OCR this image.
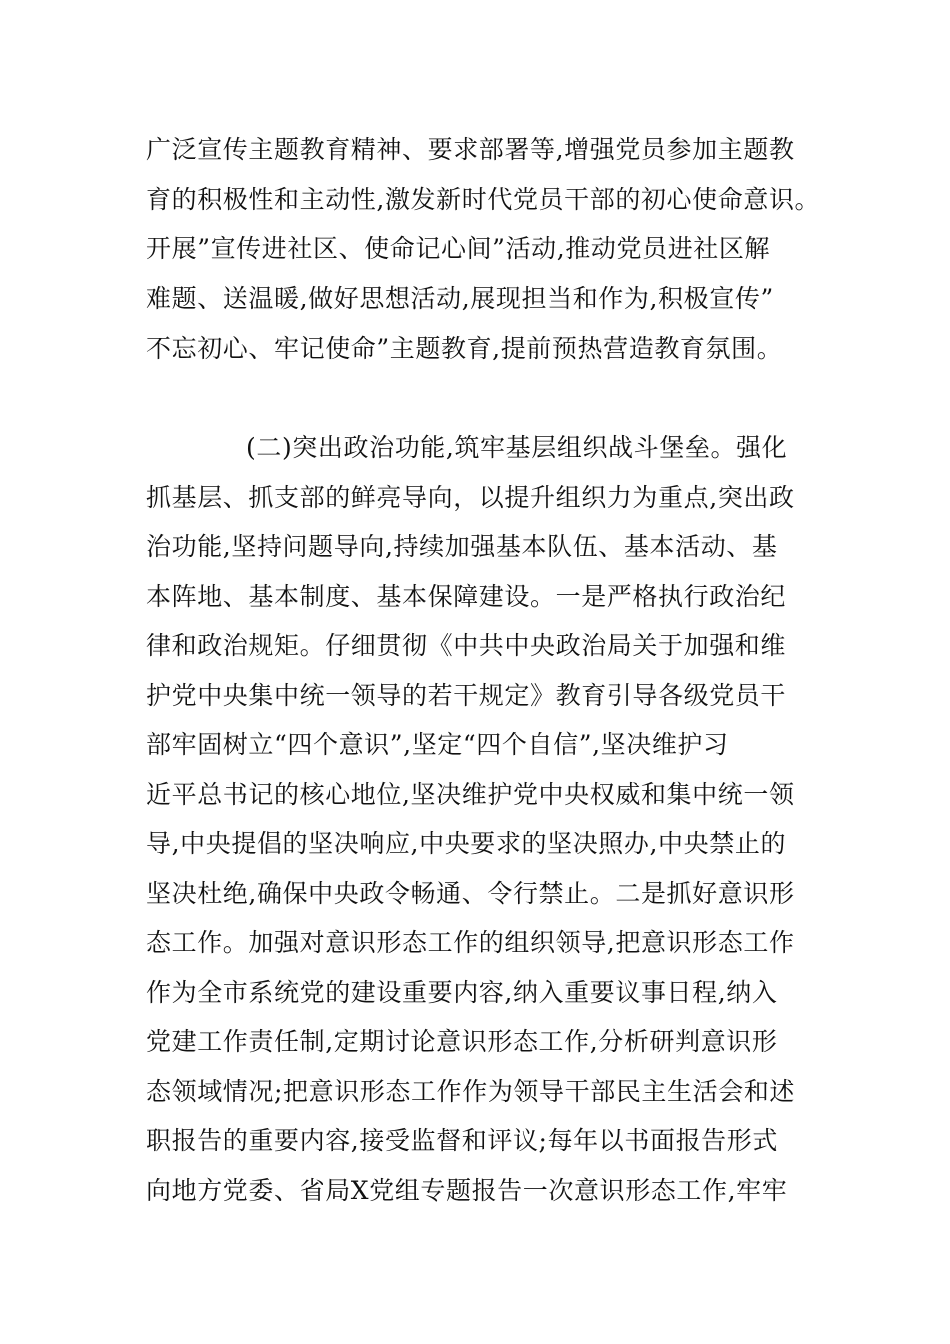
广泛宣传主题教育精神、要求部署等,增强党员参加主题教
育的积极性和主动性,激发新时代党员干部的初心使命意识。
开展”宣传进社区、使命记心间”活动,推动党员进社区解
难题、送温暖,做好思想活动,展现担当和作为,积极宣传”
不忘初心、牢记使命”主题教育,提前预热营造教育氛围。
(二)突出政治功能,筑牢基层组织战斗堡垒。强化
抓基层、抓支部的鲜亮导向，以提升组织力为重点,突出政
治功能,坚持问题导向,持续加强基本队伍、基本活动、基
本阵地、基本制度、基本保障建设。一是严格执行政治纪
律和政治规矩。仔细贯彻《中共中央政治局关于加强和维
护党中央集中统一领导的若干规定》教育引导各级党员干
部牢固树立“四个意识”,坚定“四个自信”,坚决维护习
近平总书记的核心地位,坚决维护党中央权威和集中统一领
导,中央提倡的坚决响应,中央要求的坚决照办,中央禁止的
坚决杜绝,确保中央政令畅通、令行禁止。二是抓好意识形
态工作。加强对意识形态工作的组织领导,把意识形态工作
作为全市系统党的建设重要内容,纳入重要议事日程,纳入
党建工作责任制,定期讨论意识形态工作,分析研判意识形
态领域情况;把意识形态工作作为领导干部民主生活会和述
职报告的重要内容,接受监督和评议;每年以书面报告形式
向地方党委、省局X党组专题报告一次意识形态工作,牢牢
